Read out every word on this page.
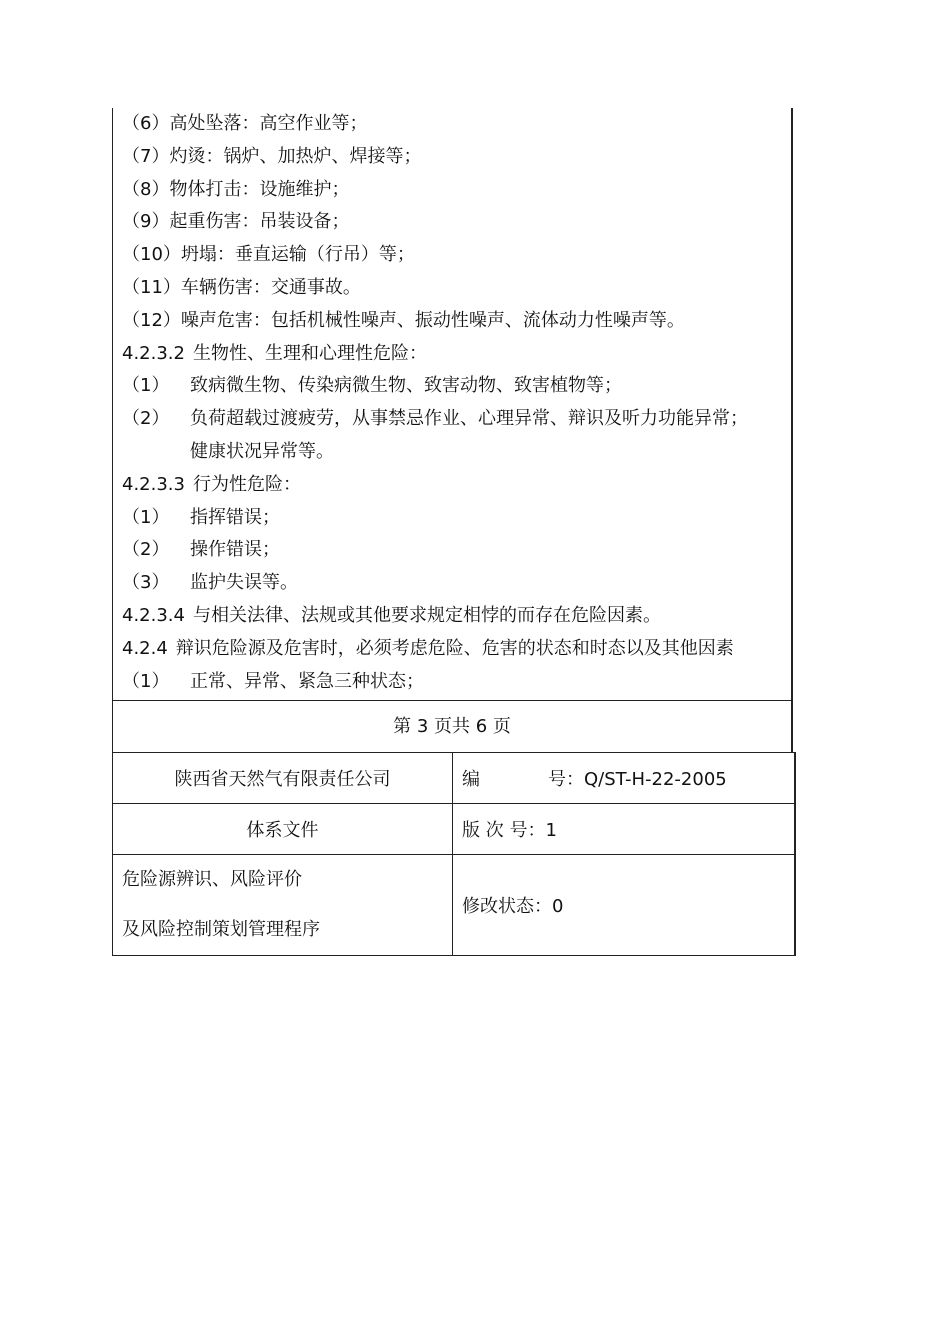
（6）高处坠落：高空作业等；
（7）灼烫：锅炉、加热炉、焊接等；
（8）物体打击：设施维护；
（9）起重伤害：吊装设备；
（10）坍塌：垂直运输（行吊）等；
（11）车辆伤害：交通事故。
（12）噪声危害：包括机械性噪声、振动性噪声、流体动力性噪声等。
4.2.3.2 生物性、生理和心理性危险：
（1） 致病微生物、传染病微生物、致害动物、致害植物等；
（2） 负荷超载过渡疲劳，从事禁忌作业、心理异常、辩识及听力功能异常；
健康状况异常等。
4.2.3.3 行为性危险：
（1） 指挥错误；
（2） 操作错误；
（3） 监护失误等。
4.2.3.4 与相关法律、法规或其他要求规定相悖的而存在危险因素。
4.2.4 辩识危险源及危害时，必须考虑危险、危害的状态和时态以及其他因素
（1） 正常、异常、紧急三种状态；
第 3 页共 6 页
陕西省天然气有限责任公司	编 号：Q/ST-H-22-2005
体系文件	版 次 号：1

危险源辨识、风险评价
及风险控制策划管理程序	修改状态：0
